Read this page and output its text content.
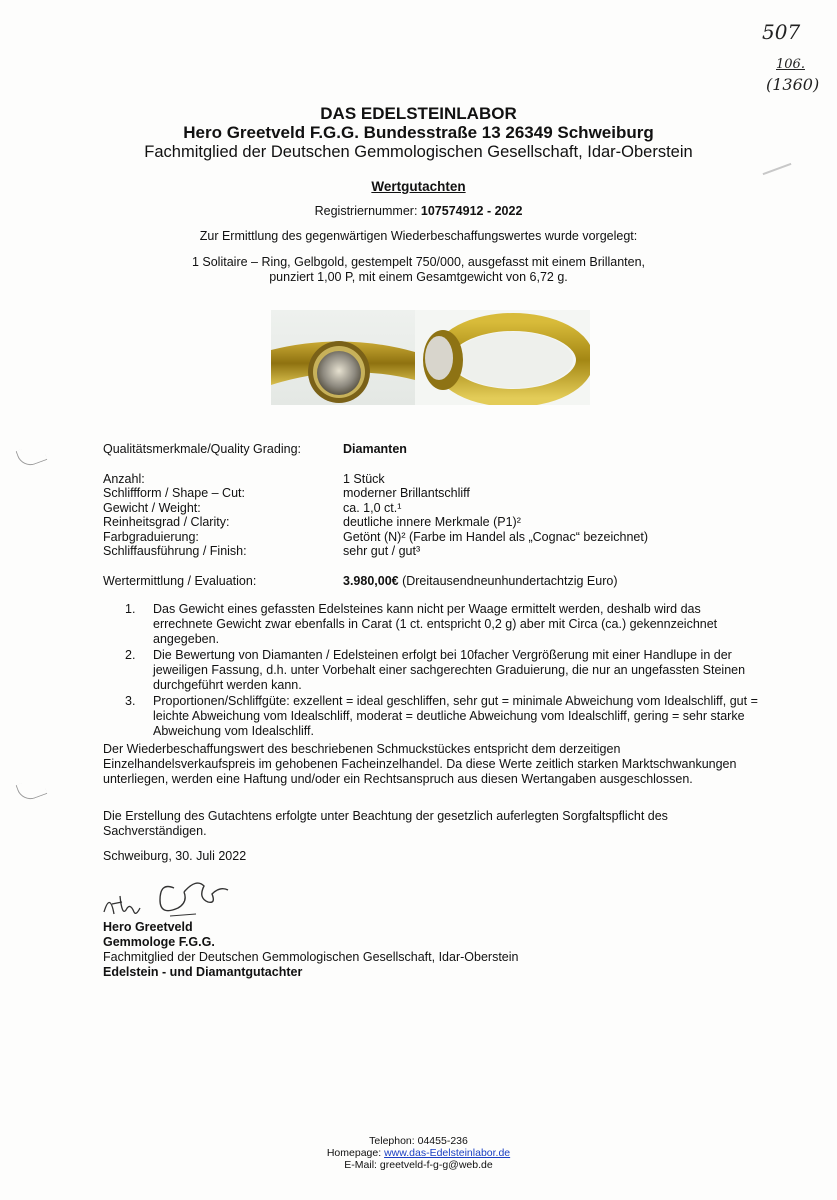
507
106.
(1360)
DAS EDELSTEINLABOR
Hero Greetveld F.G.G. Bundesstraße 13 26349 Schweiburg
Fachmitglied der Deutschen Gemmologischen Gesellschaft, Idar-Oberstein
Wertgutachten
Registriernummer: 107574912 - 2022
Zur Ermittlung des gegenwärtigen Wiederbeschaffungswertes wurde vorgelegt:
1 Solitaire – Ring, Gelbgold, gestempelt 750/000, ausgefasst mit einem Brillanten,
punziert 1,00 P, mit einem Gesamtgewicht von 6,72 g.
Qualitätsmerkmale/Quality Grading:	Diamanten
Anzahl:	1 Stück
Schliffform / Shape – Cut:	moderner Brillantschliff
Gewicht / Weight:	ca. 1,0 ct.¹
Reinheitsgrad / Clarity:	deutliche innere Merkmale (P1)²
Farbgraduierung:	Getönt (N)² (Farbe im Handel als „Cognac“ bezeichnet)
Schliffausführung / Finish:	sehr gut / gut³
Wertermittlung / Evaluation:	3.980,00€ (Dreitausendneunhundertachtzig Euro)
1. Das Gewicht eines gefassten Edelsteines kann nicht per Waage ermittelt werden, deshalb wird das errechnete Gewicht zwar ebenfalls in Carat (1 ct. entspricht 0,2 g) aber mit Circa (ca.) gekennzeichnet angegeben.
2. Die Bewertung von Diamanten / Edelsteinen erfolgt bei 10facher Vergrößerung mit einer Handlupe in der jeweiligen Fassung, d.h. unter Vorbehalt einer sachgerechten Graduierung, die nur an ungefassten Steinen durchgeführt werden kann.
3. Proportionen/Schliffgüte: exzellent = ideal geschliffen, sehr gut = minimale Abweichung vom Idealschliff, gut = leichte Abweichung vom Idealschliff, moderat = deutliche Abweichung vom Idealschliff, gering = sehr starke Abweichung vom Idealschliff.
Der Wiederbeschaffungswert des beschriebenen Schmuckstückes entspricht dem derzeitigen Einzelhandelsverkaufspreis im gehobenen Facheinzelhandel. Da diese Werte zeitlich starken Marktschwankungen unterliegen, werden eine Haftung und/oder ein Rechtsanspruch aus diesen Wertangaben ausgeschlossen.
Die Erstellung des Gutachtens erfolgte unter Beachtung der gesetzlich auferlegten Sorgfaltspflicht des Sachverständigen.
Schweiburg, 30. Juli 2022
Hero Greetveld
Gemmologe F.G.G.
Fachmitglied der Deutschen Gemmologischen Gesellschaft, Idar-Oberstein
Edelstein - und Diamantgutachter
Telephon: 04455-236
Homepage: www.das-Edelsteinlabor.de
E-Mail: greetveld-f-g-g@web.de
